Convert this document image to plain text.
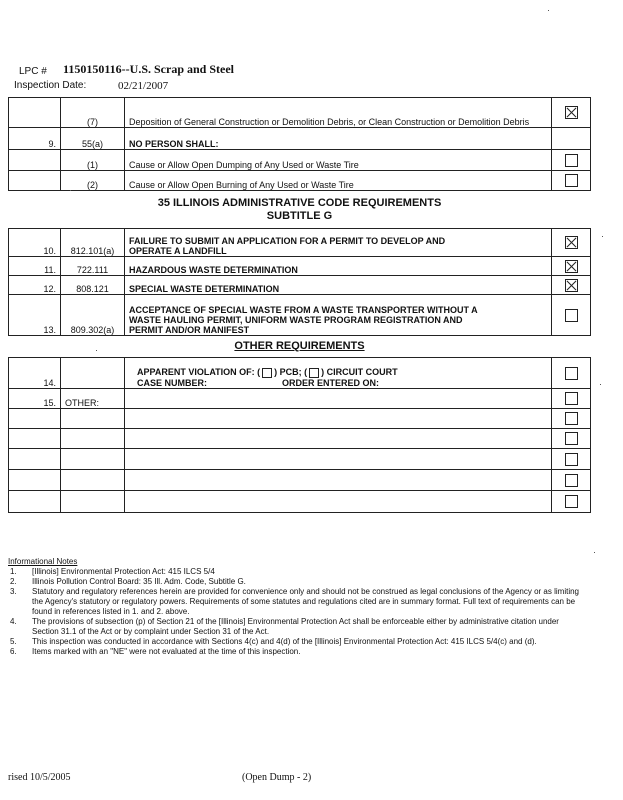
LPC # 1150150116--U.S. Scrap and Steel
Inspection Date:	02/21/2007
	(7)	Deposition of General Construction or Demolition Debris, or Clean Construction or Demolition Debris	
9.	55(a)	NO PERSON SHALL:	
	(1)	Cause or Allow Open Dumping of Any Used or Waste Tire	
	(2)	Cause or Allow Open Burning of Any Used or Waste Tire	

35 ILLINOIS ADMINISTRATIVE CODE REQUIREMENTS
SUBTITLE G			

10.	812.101(a)	FAILURE TO SUBMIT AN APPLICATION FOR A PERMIT TO DEVELOP AND
OPERATE A LANDFILL	

11.	722.111	HAZARDOUS WASTE DETERMINATION	
12.	808.121	SPECIAL WASTE DETERMINATION	
13.	809.302(a)	ACCEPTANCE OF SPECIAL WASTE FROM A WASTE TRANSPORTER WITHOUT A
WASTE HAULING PERMIT, UNIFORM WASTE PROGRAM REGISTRATION AND
PERMIT AND/OR MANIFEST	

OTHER REQUIREMENTS			
14.		APPARENT VIOLATION OF: ( ) PCB; ( ) CIRCUIT COURT
CASE NUMBER: ORDER ENTERED ON:	

15.	OTHER:		

Informational Notes
1. [Illinois] Environmental Protection Act: 415 ILCS 5/4
2. Illinois Pollution Control Board: 35 Ill. Adm. Code, Subtitle G.
3. Statutory and regulatory references herein are provided for convenience only and should not be construed as legal conclusions of the Agency or as limiting the Agency's statutory or regulatory powers. Requirements of some statutes and regulations cited are in summary format. Full text of requirements can be found in references listed in 1. and 2. above.
4. The provisions of subsection (p) of Section 21 of the [Illinois] Environmental Protection Act shall be enforceable either by administrative citation under Section 31.1 of the Act or by complaint under Section 31 of the Act.
5. This inspection was conducted in accordance with Sections 4(c) and 4(d) of the [Illinois] Environmental Protection Act: 415 ILCS 5/4(c) and (d).
6. Items marked with an "NE" were not evaluated at the time of this inspection.
rised 10/5/2005	(Open Dump - 2)
